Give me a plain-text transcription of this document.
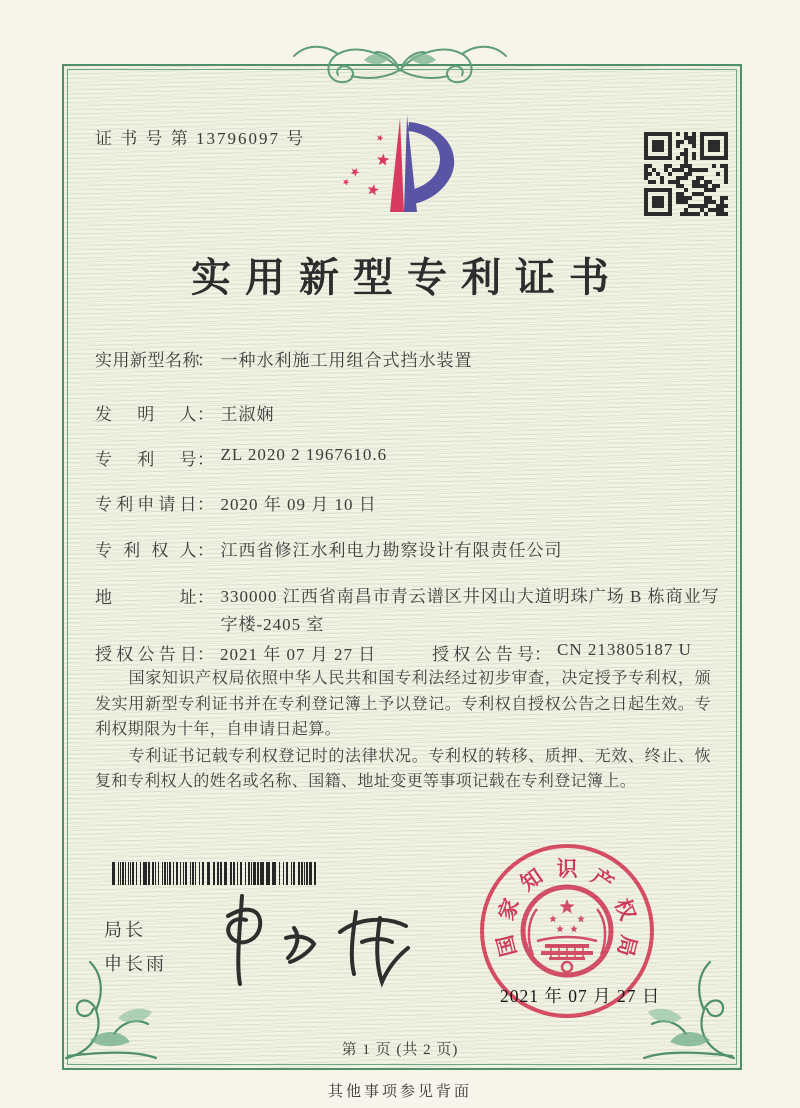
证 书 号 第 13796097 号
实用新型专利证书
实用新型名称： 一种水利施工用组合式挡水装置
发明人： 王淑娴
专利号： ZL 2020 2 1967610.6
专利申请日： 2020 年 09 月 10 日
专利权人： 江西省修江水利电力勘察设计有限责任公司
地址： 330000 江西省南昌市青云谱区井冈山大道明珠广场 B 栋商业写字楼-2405 室
授权公告日： 2021 年 07 月 27 日	授权公告号： CN 213805187 U

国家知识产权局依照中华人民共和国专利法经过初步审查，决定授予专利权，颁发实用新型专利证书并在专利登记簿上予以登记。专利权自授权公告之日起生效。专利权期限为十年，自申请日起算。

专利证书记载专利权登记时的法律状况。专利权的转移、质押、无效、终止、恢复和专利权人的姓名或名称、国籍、地址变更等事项记载在专利登记簿上。

局长
申长雨
国
家
知 识 产
权
局
2021 年 07 月 27 日
第 1 页 (共 2 页)
其他事项参见背面
